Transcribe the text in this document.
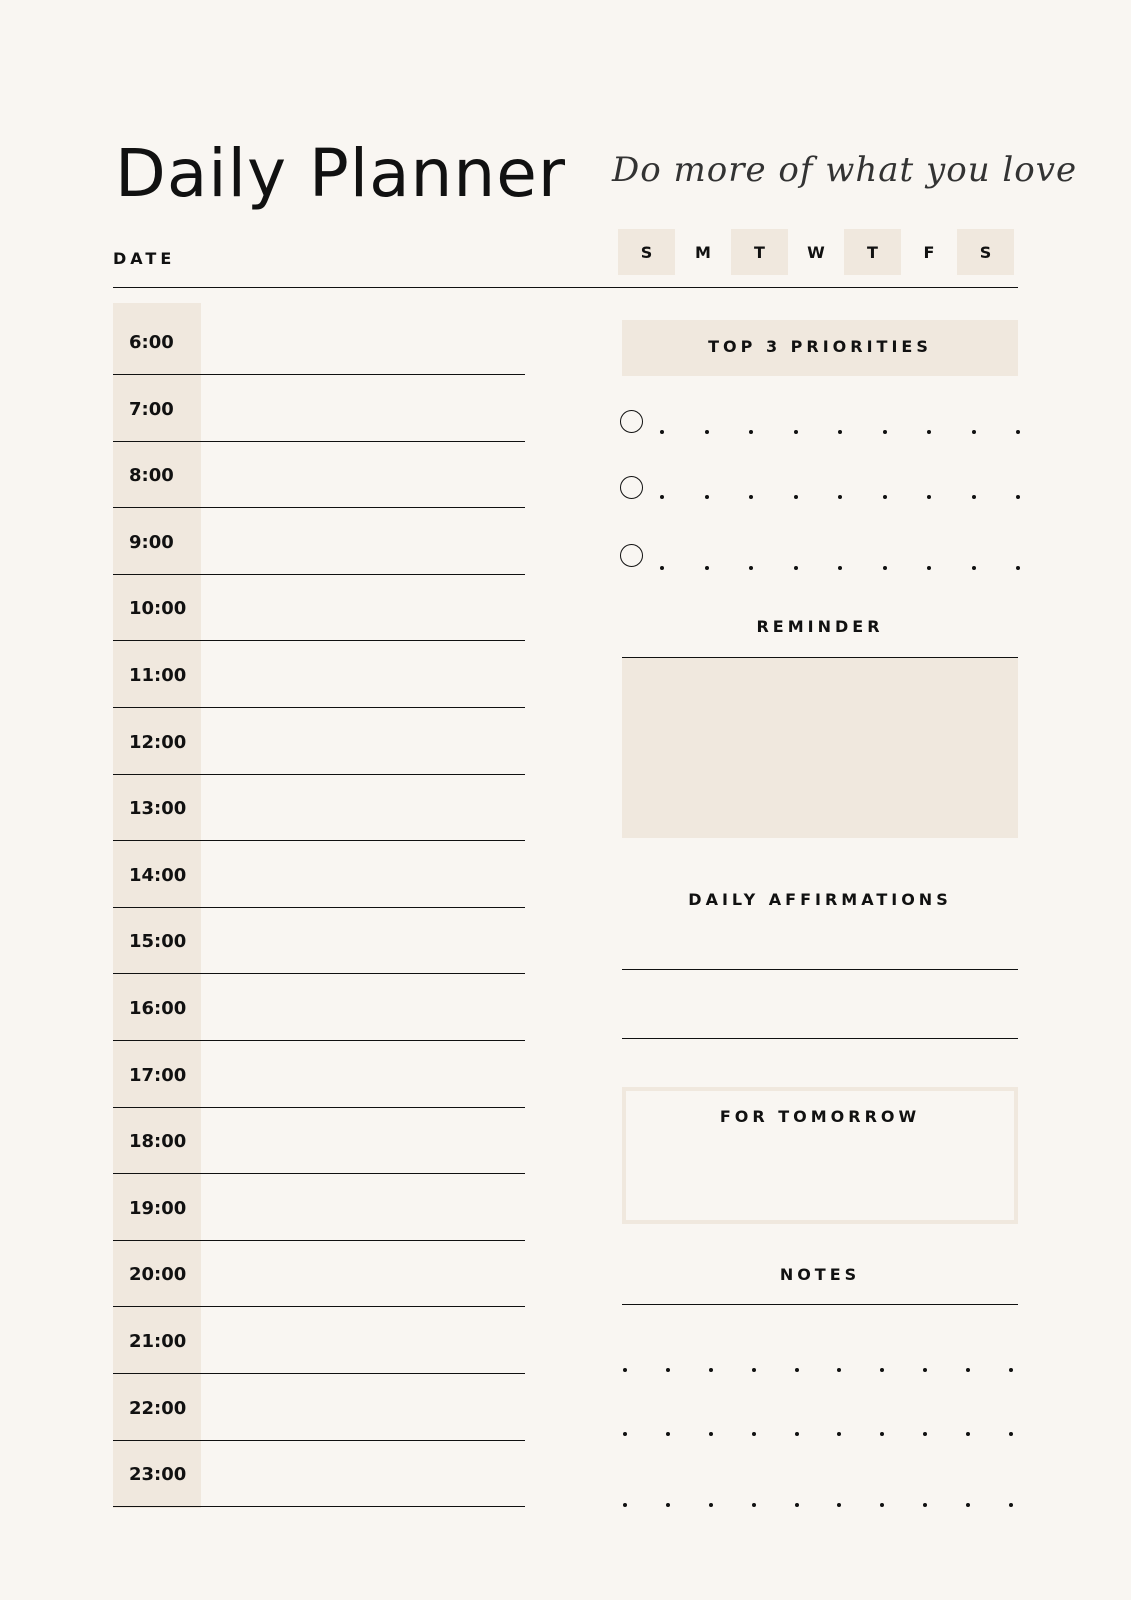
Daily Planner Do more of what you love
DATE	S	M	T	W	T	F	S
6:00
7:00
8:00
9:00
10:00
11:00
12:00
13:00
14:00
15:00
16:00
17:00
18:00
19:00
20:00
21:00
22:00
23:00
TOP 3 PRIORITIES
REMINDER
DAILY AFFIRMATIONS
FOR TOMORROW
NOTES
